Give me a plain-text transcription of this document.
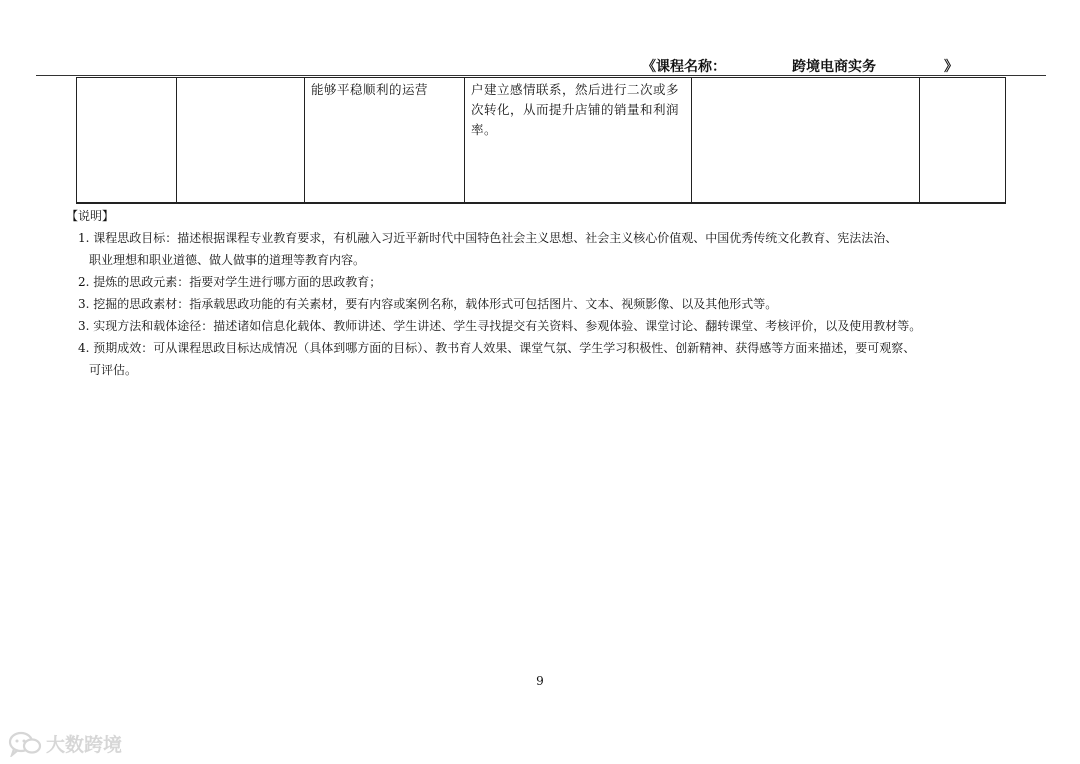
《课程名称：	跨境电商实务	》
		能够平稳顺利的运营	户建立感情联系，然后进行二次或多次转化，从而提升店铺的销量和利润率。		
【说明】
1. 课程思政目标：描述根据课程专业教育要求，有机融入习近平新时代中国特色社会主义思想、社会主义核心价值观、中国优秀传统文化教育、宪法法治、
职业理想和职业道德、做人做事的道理等教育内容。
2. 提炼的思政元素：指要对学生进行哪方面的思政教育；
3. 挖掘的思政素材：指承载思政功能的有关素材，要有内容或案例名称，载体形式可包括图片、文本、视频影像、以及其他形式等。
3. 实现方法和载体途径：描述诸如信息化载体、教师讲述、学生讲述、学生寻找提交有关资料、参观体验、课堂讨论、翻转课堂、考核评价，以及使用教材等。
4. 预期成效：可从课程思政目标达成情况（具体到哪方面的目标）、教书育人效果、课堂气氛、学生学习积极性、创新精神、获得感等方面来描述，要可观察、
可评估。
9
大数跨境
